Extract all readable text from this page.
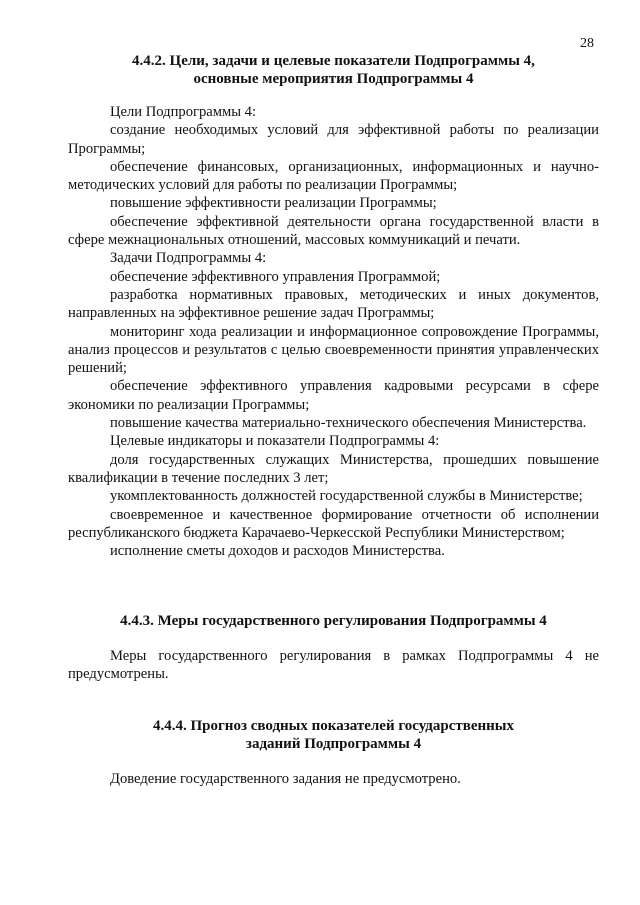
28
4.4.2. Цели, задачи и целевые показатели Подпрограммы 4,
основные мероприятия Подпрограммы 4

Цели Подпрограммы 4:

создание необходимых условий для эффективной работы по реализации Программы;

обеспечение финансовых, организационных, информационных и научно-методических условий для работы по реализации Программы;

повышение эффективности реализации Программы;

обеспечение эффективной деятельности органа государственной власти в сфере межнациональных отношений, массовых коммуникаций и печати.

Задачи Подпрограммы 4:

обеспечение эффективного управления Программой;

разработка нормативных правовых, методических и иных документов, направленных на эффективное решение задач Программы;

мониторинг хода реализации и информационное сопровождение Программы, анализ процессов и результатов с целью своевременности принятия управленческих решений;

обеспечение эффективного управления кадровыми ресурсами в сфере экономики по реализации Программы;

повышение качества материально-технического обеспечения Министерства.

Целевые индикаторы и показатели Подпрограммы 4:

доля государственных служащих Министерства, прошедших повышение квалификации в течение последних 3 лет;

укомплектованность должностей государственной службы в Министерстве;

своевременное и качественное формирование отчетности об исполнении республиканского бюджета Карачаево-Черкесской Республики Министерством;

исполнение сметы доходов и расходов Министерства.

4.4.3. Меры государственного регулирования Подпрограммы 4

Меры государственного регулирования в рамках Подпрограммы 4 не предусмотрены.

4.4.4. Прогноз сводных показателей государственных
заданий Подпрограммы 4

Доведение государственного задания не предусмотрено.
